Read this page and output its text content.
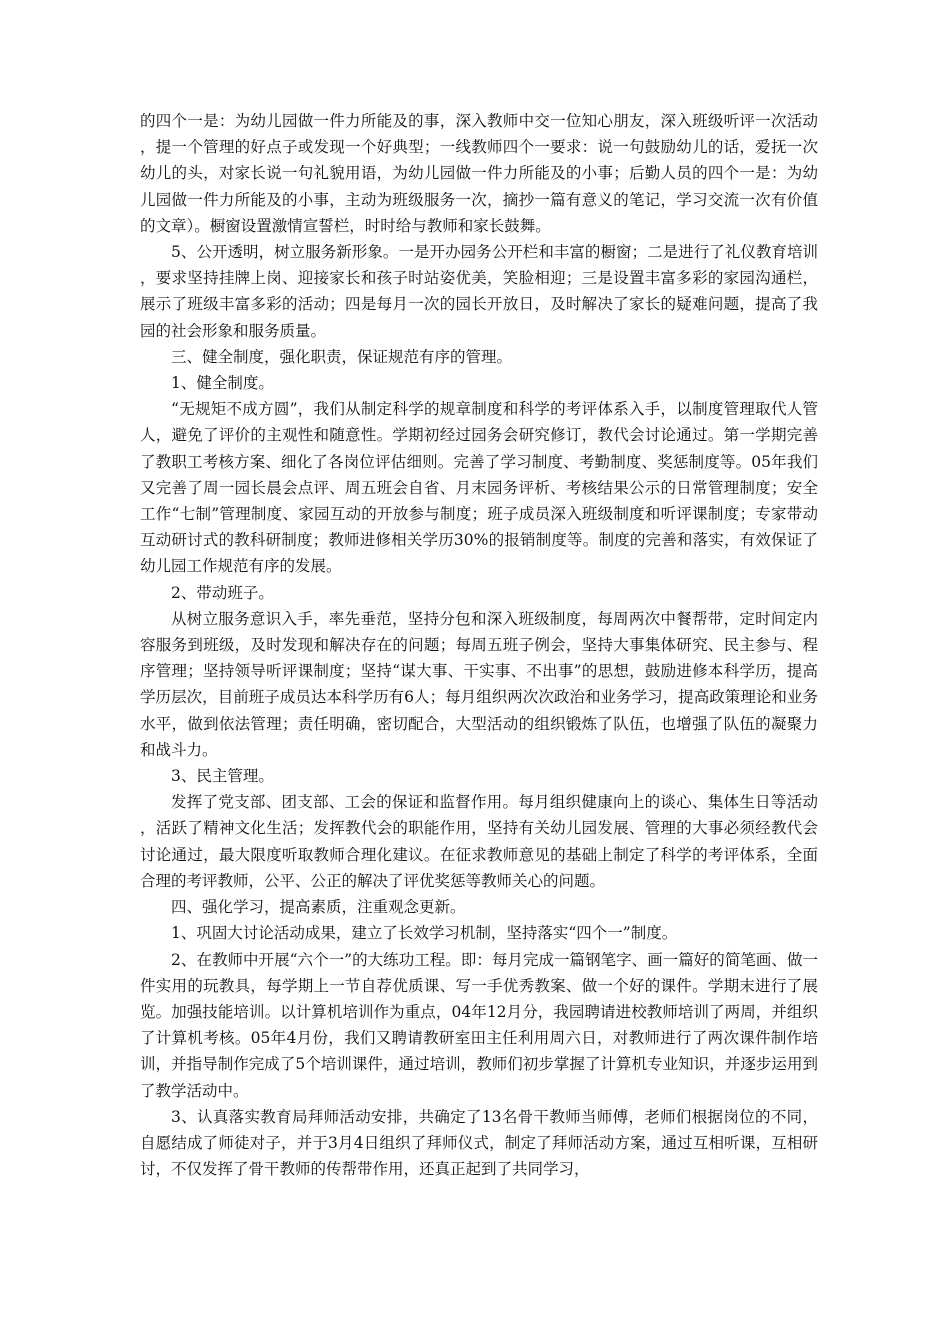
的四个一是：为幼儿园做一件力所能及的事，深入教师中交一位知心朋友，深入班级听评一次活动，提一个管理的好点子或发现一个好典型；一线教师四个一要求：说一句鼓励幼儿的话，爱抚一次幼儿的头，对家长说一句礼貌用语，为幼儿园做一件力所能及的小事；后勤人员的四个一是：为幼儿园做一件力所能及的小事，主动为班级服务一次，摘抄一篇有意义的笔记，学习交流一次有价值的文章）。橱窗设置激情宣誓栏，时时给与教师和家长鼓舞。

5、公开透明，树立服务新形象。一是开办园务公开栏和丰富的橱窗；二是进行了礼仪教育培训，要求坚持挂牌上岗、迎接家长和孩子时站姿优美，笑脸相迎；三是设置丰富多彩的家园沟通栏，展示了班级丰富多彩的活动；四是每月一次的园长开放日，及时解决了家长的疑难问题，提高了我园的社会形象和服务质量。

三、健全制度，强化职责，保证规范有序的管理。

1、健全制度。

“无规矩不成方圆”，我们从制定科学的规章制度和科学的考评体系入手，以制度管理取代人管人，避免了评价的主观性和随意性。学期初经过园务会研究修订，教代会讨论通过。第一学期完善了教职工考核方案、细化了各岗位评估细则。完善了学习制度、考勤制度、奖惩制度等。05年我们又完善了周一园长晨会点评、周五班会自省、月末园务评析、考核结果公示的日常管理制度；安全工作“七制”管理制度、家园互动的开放参与制度；班子成员深入班级制度和听评课制度；专家带动互动研讨式的教科研制度；教师进修相关学历30%的报销制度等。制度的完善和落实，有效保证了幼儿园工作规范有序的发展。

2、带动班子。

从树立服务意识入手，率先垂范，坚持分包和深入班级制度，每周两次中餐帮带，定时间定内容服务到班级，及时发现和解决存在的问题；每周五班子例会，坚持大事集体研究、民主参与、程序管理；坚持领导听评课制度；坚持“谋大事、干实事、不出事”的思想，鼓励进修本科学历，提高学历层次，目前班子成员达本科学历有6人；每月组织两次次政治和业务学习，提高政策理论和业务水平，做到依法管理；责任明确，密切配合，大型活动的组织锻炼了队伍，也增强了队伍的凝聚力和战斗力。

3、民主管理。

发挥了党支部、团支部、工会的保证和监督作用。每月组织健康向上的谈心、集体生日等活动，活跃了精神文化生活；发挥教代会的职能作用，坚持有关幼儿园发展、管理的大事必须经教代会讨论通过，最大限度听取教师合理化建议。在征求教师意见的基础上制定了科学的考评体系，全面合理的考评教师，公平、公正的解决了评优奖惩等教师关心的问题。

四、强化学习，提高素质，注重观念更新。

1、巩固大讨论活动成果，建立了长效学习机制，坚持落实“四个一”制度。

2、在教师中开展“六个一”的大练功工程。即：每月完成一篇钢笔字、画一篇好的简笔画、做一件实用的玩教具，每学期上一节自荐优质课、写一手优秀教案、做一个好的课件。学期末进行了展览。加强技能培训。以计算机培训作为重点，04年12月分，我园聘请进校教师培训了两周，并组织了计算机考核。05年4月份，我们又聘请教研室田主任利用周六日，对教师进行了两次课件制作培训，并指导制作完成了5个培训课件，通过培训，教师们初步掌握了计算机专业知识，并逐步运用到了教学活动中。

3、认真落实教育局拜师活动安排，共确定了13名骨干教师当师傅，老师们根据岗位的不同，自愿结成了师徒对子，并于3月4日组织了拜师仪式，制定了拜师活动方案，通过互相听课，互相研讨，不仅发挥了骨干教师的传帮带作用，还真正起到了共同学习，
